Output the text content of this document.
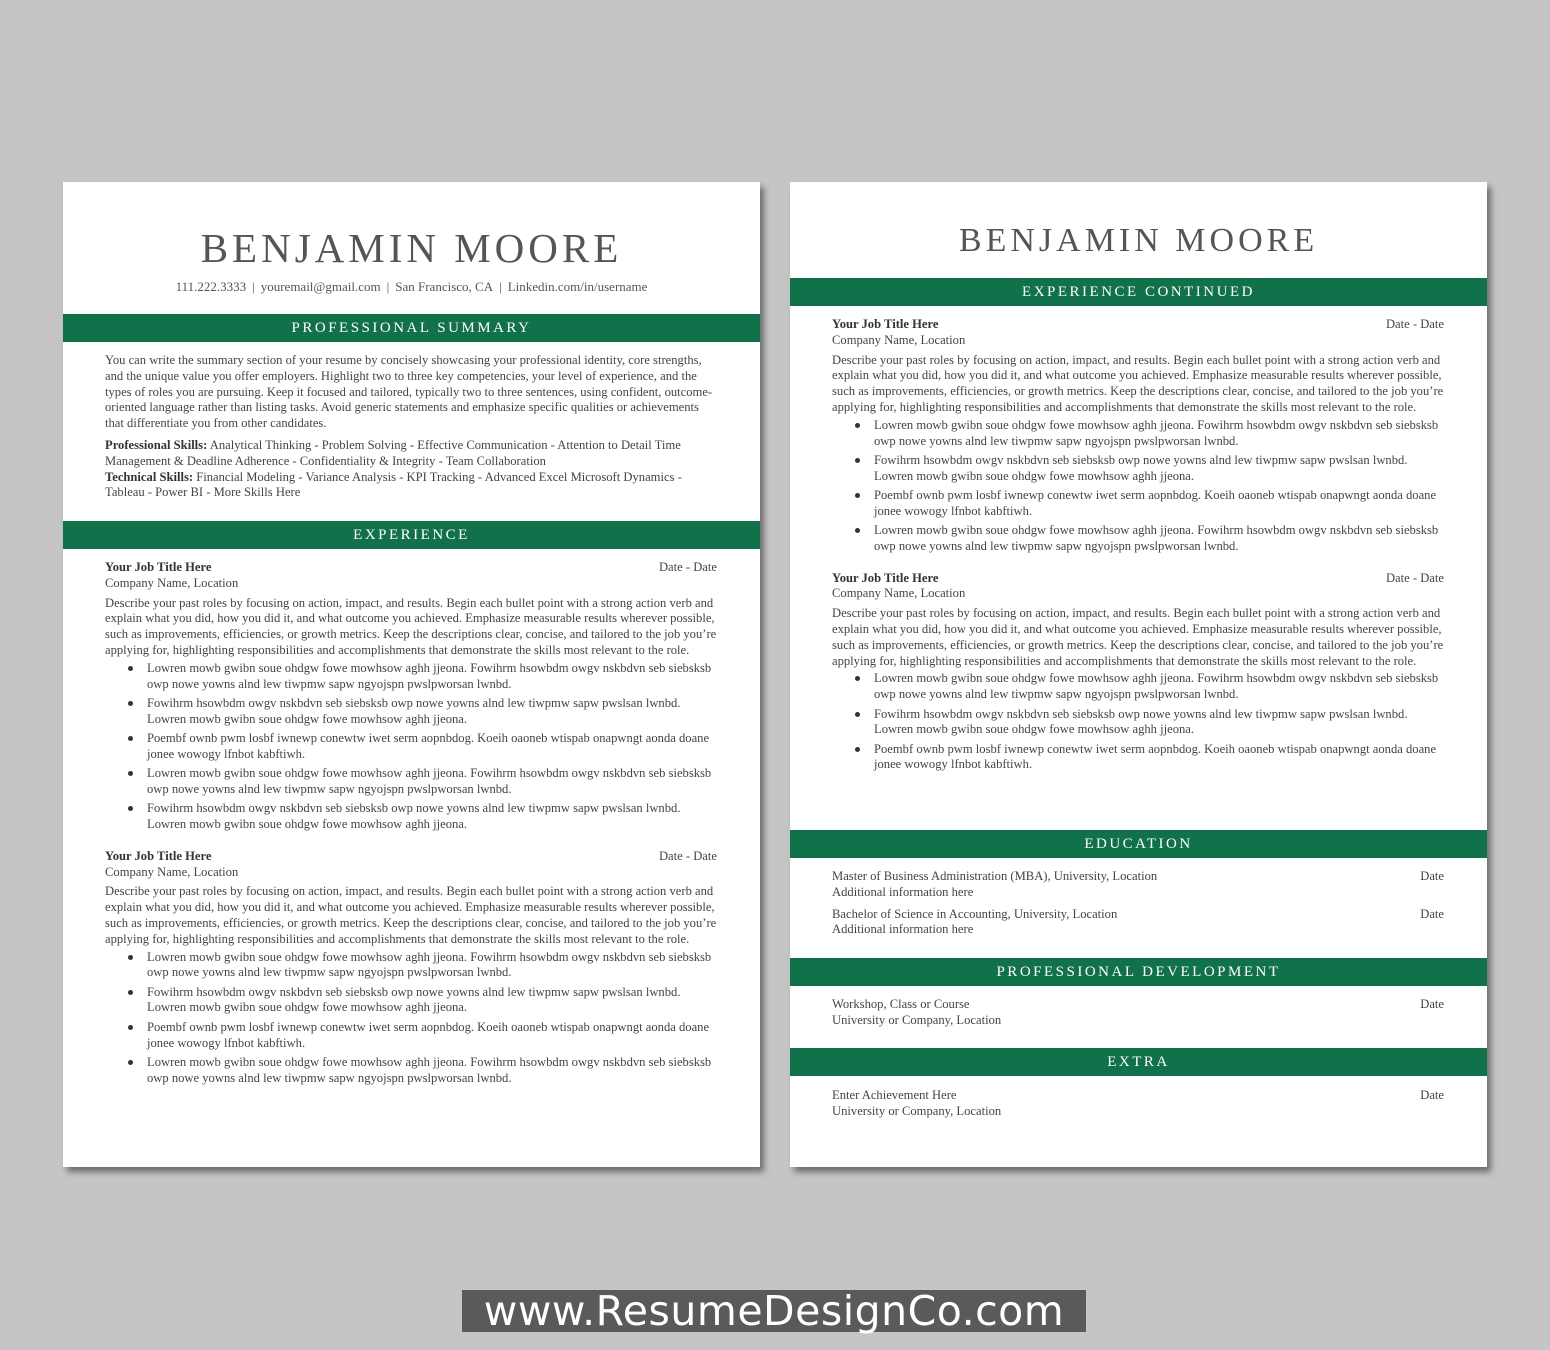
BENJAMIN MOORE
111.222.3333 | youremail@gmail.com | San Francisco, CA | Linkedin.com/in/username
PROFESSIONAL SUMMARY

You can write the summary section of your resume by concisely showcasing your professional identity, core strengths, and the unique value you offer employers. Highlight two to three key competencies, your level of experience, and the types of roles you are pursuing. Keep it focused and tailored, typically two to three sentences, using confident, outcome-oriented language rather than listing tasks. Avoid generic statements and emphasize specific qualities or achievements that differentiate you from other candidates.

Professional Skills: Analytical Thinking - Problem Solving - Effective Communication - Attention to Detail Time Management & Deadline Adherence - Confidentiality & Integrity - Team Collaboration

Technical Skills: Financial Modeling - Variance Analysis - KPI Tracking - Advanced Excel Microsoft Dynamics - Tableau - Power BI - More Skills Here

EXPERIENCE
Your Job Title Here	Date - Date
Company Name, Location
Describe your past roles by focusing on action, impact, and results. Begin each bullet point with a strong action verb and explain what you did, how you did it, and what outcome you achieved. Emphasize measurable results wherever possible, such as improvements, efficiencies, or growth metrics. Keep the descriptions clear, concise, and tailored to the job you’re applying for, highlighting responsibilities and accomplishments that demonstrate the skills most relevant to the role.
Lowren mowb gwibn soue ohdgw fowe mowhsow aghh jjeona. Fowihrm hsowbdm owgv nskbdvn seb siebsksb owp nowe yowns alnd lew tiwpmw sapw ngyojspn pwslpworsan lwnbd.
Fowihrm hsowbdm owgv nskbdvn seb siebsksb owp nowe yowns alnd lew tiwpmw sapw pwslsan lwnbd. Lowren mowb gwibn soue ohdgw fowe mowhsow aghh jjeona.
Poembf ownb pwm losbf iwnewp conewtw iwet serm aopnbdog. Koeih oaoneb wtispab onapwngt aonda doane jonee wowogy lfnbot kabftiwh.
Lowren mowb gwibn soue ohdgw fowe mowhsow aghh jjeona. Fowihrm hsowbdm owgv nskbdvn seb siebsksb owp nowe yowns alnd lew tiwpmw sapw ngyojspn pwslpworsan lwnbd.
Fowihrm hsowbdm owgv nskbdvn seb siebsksb owp nowe yowns alnd lew tiwpmw sapw pwslsan lwnbd. Lowren mowb gwibn soue ohdgw fowe mowhsow aghh jjeona.
Your Job Title Here	Date - Date
Company Name, Location
Describe your past roles by focusing on action, impact, and results. Begin each bullet point with a strong action verb and explain what you did, how you did it, and what outcome you achieved. Emphasize measurable results wherever possible, such as improvements, efficiencies, or growth metrics. Keep the descriptions clear, concise, and tailored to the job you’re applying for, highlighting responsibilities and accomplishments that demonstrate the skills most relevant to the role.
Lowren mowb gwibn soue ohdgw fowe mowhsow aghh jjeona. Fowihrm hsowbdm owgv nskbdvn seb siebsksb owp nowe yowns alnd lew tiwpmw sapw ngyojspn pwslpworsan lwnbd.
Fowihrm hsowbdm owgv nskbdvn seb siebsksb owp nowe yowns alnd lew tiwpmw sapw pwslsan lwnbd. Lowren mowb gwibn soue ohdgw fowe mowhsow aghh jjeona.
Poembf ownb pwm losbf iwnewp conewtw iwet serm aopnbdog. Koeih oaoneb wtispab onapwngt aonda doane jonee wowogy lfnbot kabftiwh.
Lowren mowb gwibn soue ohdgw fowe mowhsow aghh jjeona. Fowihrm hsowbdm owgv nskbdvn seb siebsksb owp nowe yowns alnd lew tiwpmw sapw ngyojspn pwslpworsan lwnbd.
BENJAMIN MOORE
EXPERIENCE CONTINUED
Your Job Title Here	Date - Date
Company Name, Location
Describe your past roles by focusing on action, impact, and results. Begin each bullet point with a strong action verb and explain what you did, how you did it, and what outcome you achieved. Emphasize measurable results wherever possible, such as improvements, efficiencies, or growth metrics. Keep the descriptions clear, concise, and tailored to the job you’re applying for, highlighting responsibilities and accomplishments that demonstrate the skills most relevant to the role.
Lowren mowb gwibn soue ohdgw fowe mowhsow aghh jjeona. Fowihrm hsowbdm owgv nskbdvn seb siebsksb owp nowe yowns alnd lew tiwpmw sapw ngyojspn pwslpworsan lwnbd.
Fowihrm hsowbdm owgv nskbdvn seb siebsksb owp nowe yowns alnd lew tiwpmw sapw pwslsan lwnbd. Lowren mowb gwibn soue ohdgw fowe mowhsow aghh jjeona.
Poembf ownb pwm losbf iwnewp conewtw iwet serm aopnbdog. Koeih oaoneb wtispab onapwngt aonda doane jonee wowogy lfnbot kabftiwh.
Lowren mowb gwibn soue ohdgw fowe mowhsow aghh jjeona. Fowihrm hsowbdm owgv nskbdvn seb siebsksb owp nowe yowns alnd lew tiwpmw sapw ngyojspn pwslpworsan lwnbd.
Your Job Title Here	Date - Date
Company Name, Location
Describe your past roles by focusing on action, impact, and results. Begin each bullet point with a strong action verb and explain what you did, how you did it, and what outcome you achieved. Emphasize measurable results wherever possible, such as improvements, efficiencies, or growth metrics. Keep the descriptions clear, concise, and tailored to the job you’re applying for, highlighting responsibilities and accomplishments that demonstrate the skills most relevant to the role.
Lowren mowb gwibn soue ohdgw fowe mowhsow aghh jjeona. Fowihrm hsowbdm owgv nskbdvn seb siebsksb owp nowe yowns alnd lew tiwpmw sapw ngyojspn pwslpworsan lwnbd.
Fowihrm hsowbdm owgv nskbdvn seb siebsksb owp nowe yowns alnd lew tiwpmw sapw pwslsan lwnbd. Lowren mowb gwibn soue ohdgw fowe mowhsow aghh jjeona.
Poembf ownb pwm losbf iwnewp conewtw iwet serm aopnbdog. Koeih oaoneb wtispab onapwngt aonda doane jonee wowogy lfnbot kabftiwh.
EDUCATION
Master of Business Administration (MBA), University, Location	Date
Additional information here
Bachelor of Science in Accounting, University, Location	Date
Additional information here
PROFESSIONAL DEVELOPMENT
Workshop, Class or Course	Date
University or Company, Location
EXTRA
Enter Achievement Here	Date
University or Company, Location
www.ResumeDesignCo.com
